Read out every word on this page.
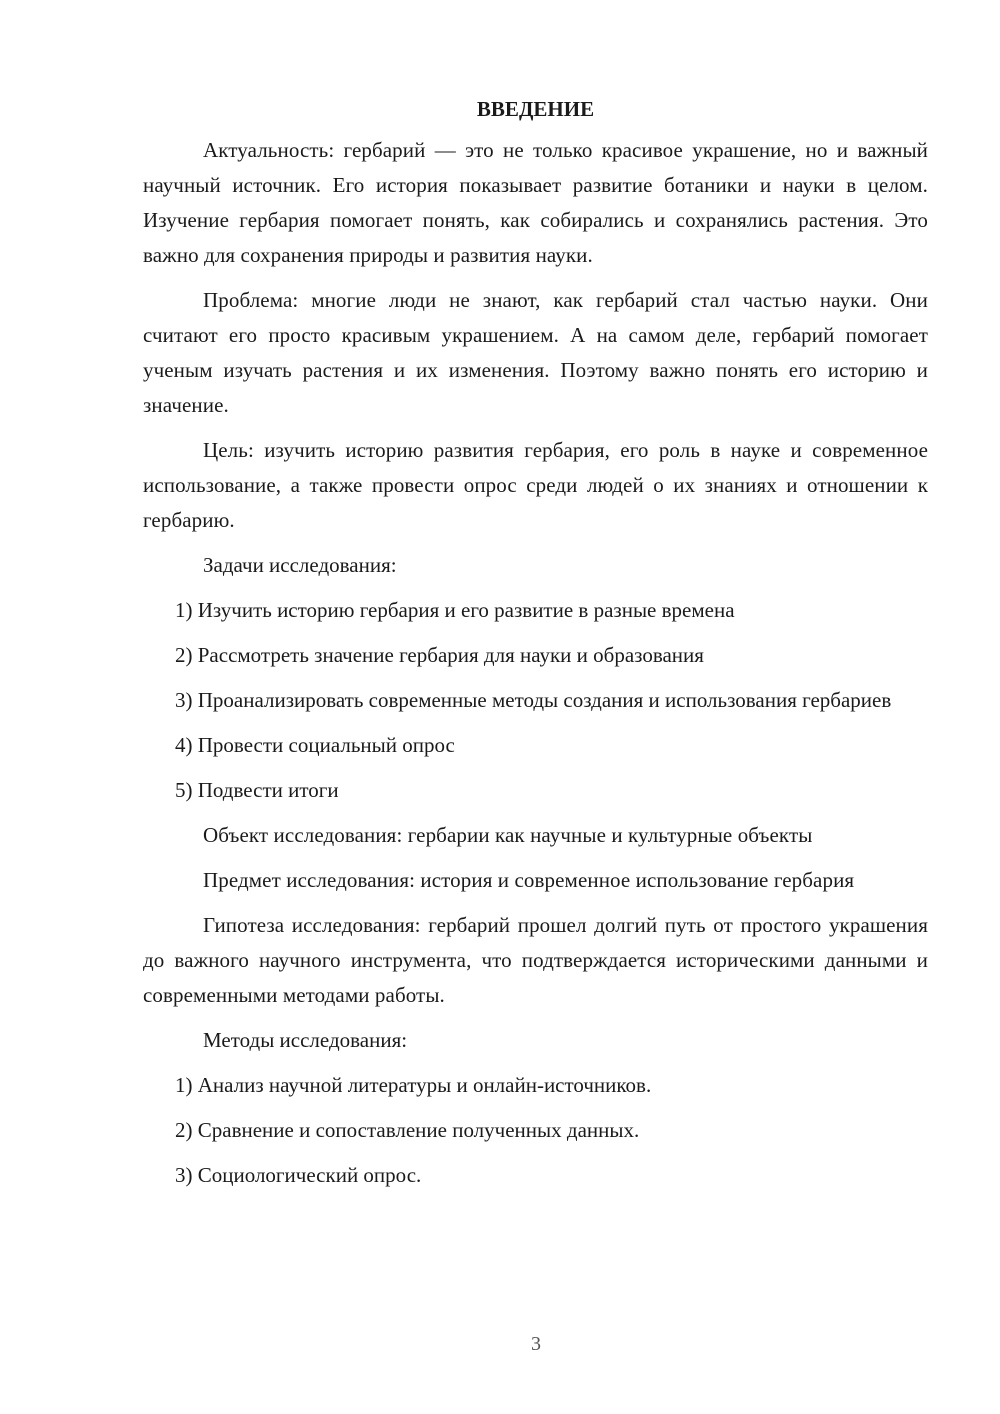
ВВЕДЕНИЕ

Актуальность: гербарий — это не только красивое украшение, но и важный научный источник. Его история показывает развитие ботаники и науки в целом. Изучение гербария помогает понять, как собирались и сохранялись растения. Это важно для сохранения природы и развития науки.

Проблема: многие люди не знают, как гербарий стал частью науки. Они считают его просто красивым украшением. А на самом деле, гербарий помогает ученым изучать растения и их изменения. Поэтому важно понять его историю и значение.

Цель: изучить историю развития гербария, его роль в науке и современное использование, а также провести опрос среди людей о их знаниях и отношении к гербарию.

Задачи исследования:

1) Изучить историю гербария и его развитие в разные времена

2) Рассмотреть значение гербария для науки и образования

3) Проанализировать современные методы создания и использования гербариев

4) Провести социальный опрос

5) Подвести итоги

Объект исследования: гербарии как научные и культурные объекты

Предмет исследования: история и современное использование гербария

Гипотеза исследования: гербарий прошел долгий путь от простого украшения до важного научного инструмента, что подтверждается историческими данными и современными методами работы.

Методы исследования:

1) Анализ научной литературы и онлайн-источников.

2) Сравнение и сопоставление полученных данных.

3) Социологический опрос.

3
